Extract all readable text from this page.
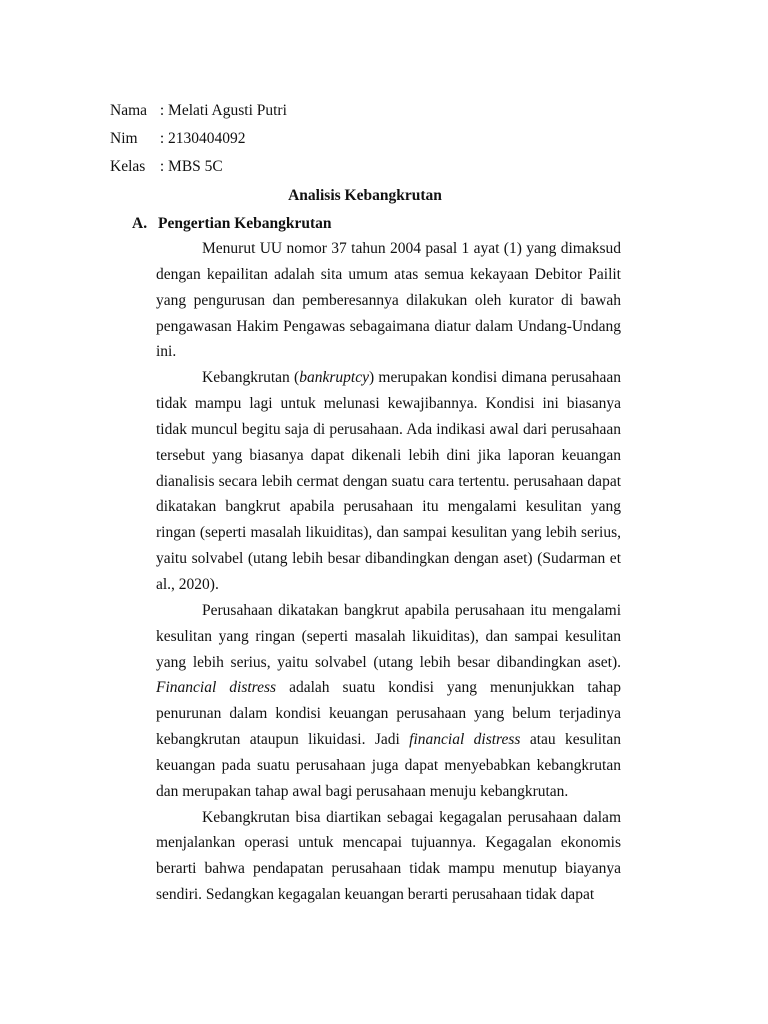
Nama : Melati Agusti Putri
Nim : 2130404092
Kelas : MBS 5C
Analisis Kebangkrutan
A. Pengertian Kebangkrutan

Menurut UU nomor 37 tahun 2004 pasal 1 ayat (1) yang dimaksud dengan kepailitan adalah sita umum atas semua kekayaan Debitor Pailit yang pengurusan dan pemberesannya dilakukan oleh kurator di bawah pengawasan Hakim Pengawas sebagaimana diatur dalam Undang-Undang ini.

Kebangkrutan (bankruptcy) merupakan kondisi dimana perusahaan tidak mampu lagi untuk melunasi kewajibannya. Kondisi ini biasanya tidak muncul begitu saja di perusahaan. Ada indikasi awal dari perusahaan tersebut yang biasanya dapat dikenali lebih dini jika laporan keuangan dianalisis secara lebih cermat dengan suatu cara tertentu. perusahaan dapat dikatakan bangkrut apabila perusahaan itu mengalami kesulitan yang ringan (seperti masalah likuiditas), dan sampai kesulitan yang lebih serius, yaitu solvabel (utang lebih besar dibandingkan dengan aset) (Sudarman et al., 2020).

Perusahaan dikatakan bangkrut apabila perusahaan itu mengalami kesulitan yang ringan (seperti masalah likuiditas), dan sampai kesulitan yang lebih serius, yaitu solvabel (utang lebih besar dibandingkan aset). Financial distress adalah suatu kondisi yang menunjukkan tahap penurunan dalam kondisi keuangan perusahaan yang belum terjadinya kebangkrutan ataupun likuidasi. Jadi financial distress atau kesulitan keuangan pada suatu perusahaan juga dapat menyebabkan kebangkrutan dan merupakan tahap awal bagi perusahaan menuju kebangkrutan.

Kebangkrutan bisa diartikan sebagai kegagalan perusahaan dalam menjalankan operasi untuk mencapai tujuannya. Kegagalan ekonomis berarti bahwa pendapatan perusahaan tidak mampu menutup biayanya sendiri. Sedangkan kegagalan keuangan berarti perusahaan tidak dapat
